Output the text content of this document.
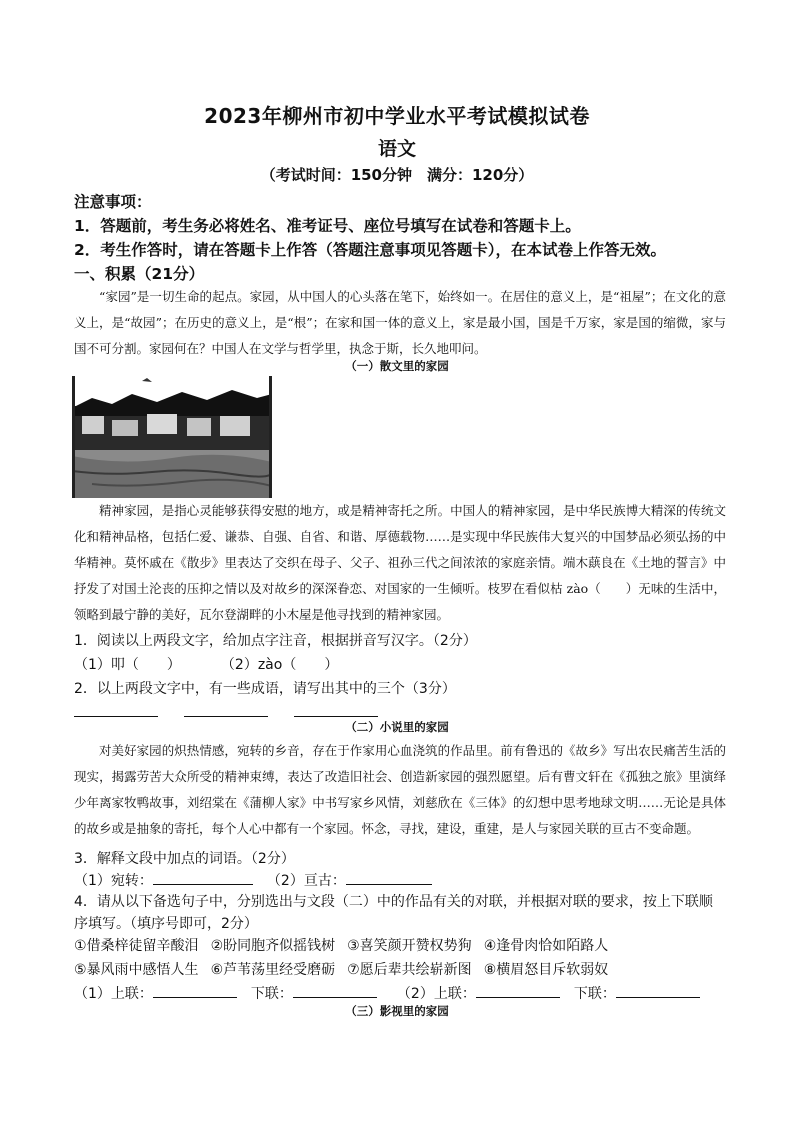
2023年柳州市初中学业水平考试模拟试卷
语文
（考试时间：150分钟　满分：120分）
注意事项：
1．答题前，考生务必将姓名、准考证号、座位号填写在试卷和答题卡上。
2．考生作答时，请在答题卡上作答（答题注意事项见答题卡），在本试卷上作答无效。
一、积累（21分）
“家园”是一切生命的起点。家园，从中国人的心头落在笔下，始终如一。在居住的意义上，是“祖屋”；在文化的意义上，是“故园”；在历史的意义上，是“根”；在家和国一体的意义上，家是最小国，国是千万家，家是国的缩微，家与国不可分割。家园何在？中国人在文学与哲学里，执念于斯，长久地叩问。
（一）散文里的家园
精神家园，是指心灵能够获得安慰的地方，或是精神寄托之所。中国人的精神家园，是中华民族博大精深的传统文化和精神品格，包括仁爱、谦恭、自强、自省、和谐、厚德载物……是实现中华民族伟大复兴的中国梦品必须弘扬的中华精神。莫怀戚在《散步》里表达了交织在母子、父子、祖孙三代之间浓浓的家庭亲情。端木蕻良在《土地的誓言》中抒发了对国土沦丧的压抑之情以及对故乡的深深眷恋、对国家的一生倾听。枝罗在看似枯 zào（　　）无味的生活中，领略到最宁静的美好，瓦尔登湖畔的小木屋是他寻找到的精神家园。
1．阅读以上两段文字，给加点字注音，根据拼音写汉字。（2分）
（1）叩（　　）	（2）zào（　　）
2．以上两段文字中，有一些成语，请写出其中的三个（3分）
（二）小说里的家园
对美好家园的炽热情感，宛转的乡音，存在于作家用心血浇筑的作品里。前有鲁迅的《故乡》写出农民痛苦生活的现实，揭露劳苦大众所受的精神束缚，表达了改造旧社会、创造新家园的强烈愿望。后有曹文轩在《孤独之旅》里演绎少年离家牧鸭故事，刘绍棠在《蒲柳人家》中书写家乡风情，刘慈欣在《三体》的幻想中思考地球文明……无论是具体的故乡或是抽象的寄托，每个人心中都有一个家园。怀念，寻找，建设，重建，是人与家园关联的亘古不变命题。
3．解释文段中加点的词语。（2分）
（1）宛转：	（2）亘古：
4．请从以下备选句子中，分别选出与文段（二）中的作品有关的对联，并根据对联的要求，按上下联顺序填写。（填序号即可，2分）
①借桑梓徒留辛酸泪 ②盼同胞齐似摇钱树 ③喜笑颜开赞权势狗 ④逢骨肉恰如陌路人
⑤暴风雨中感悟人生 ⑥芦苇荡里经受磨砺 ⑦愿后辈共绘崭新图 ⑧横眉怒目斥软弱奴
（1）上联：	下联：	（2）上联：	下联：
（三）影视里的家园
